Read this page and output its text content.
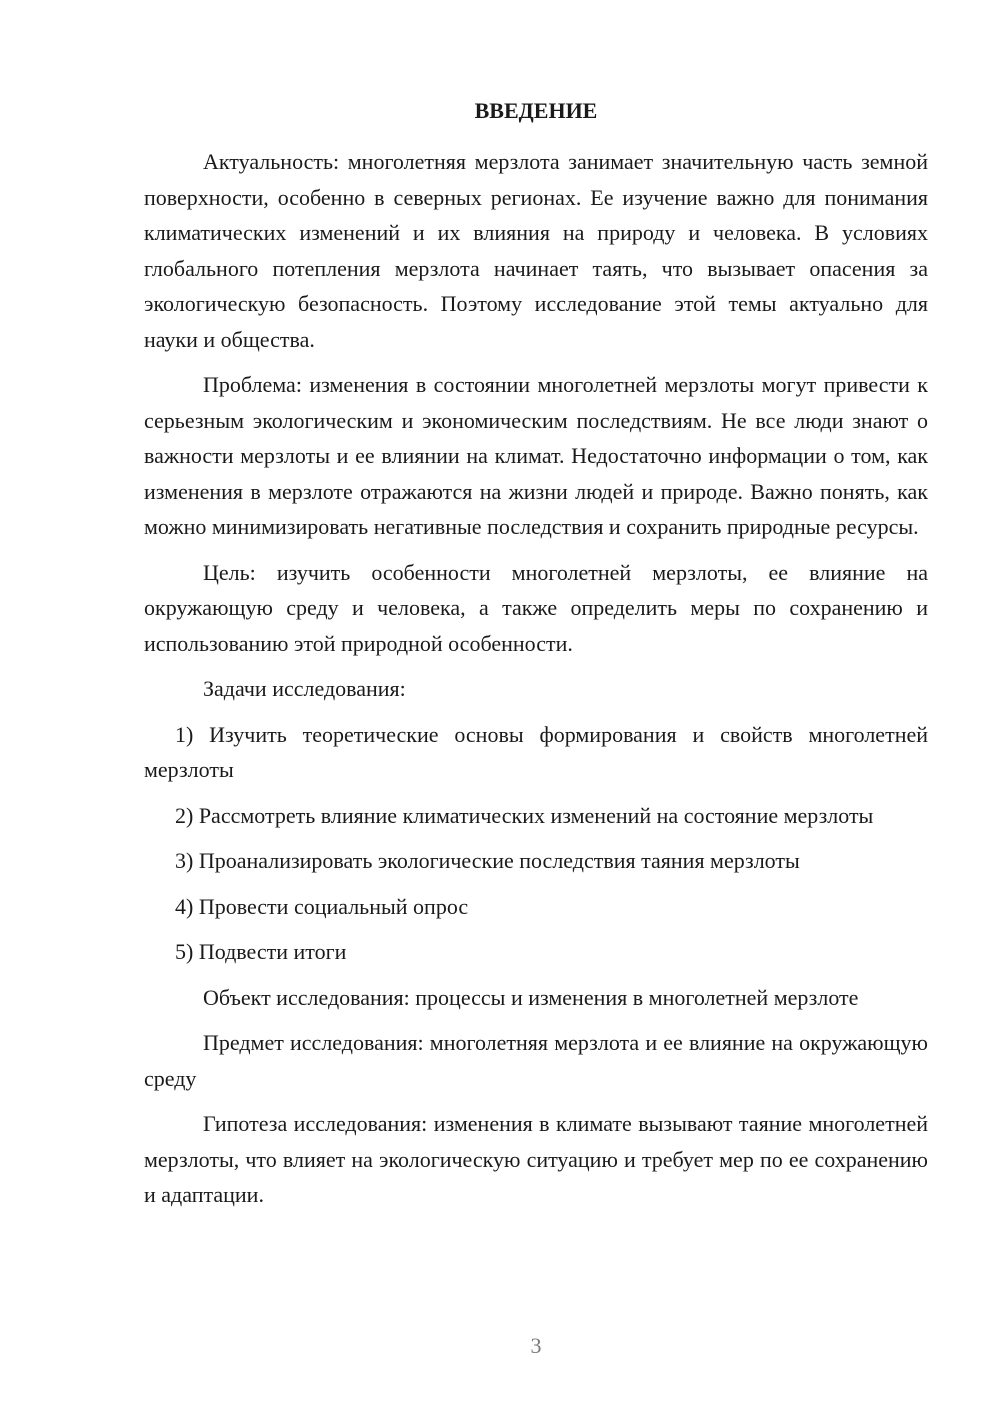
ВВЕДЕНИЕ

Актуальность: многолетняя мерзлота занимает значительную часть земной поверхности, особенно в северных регионах. Ее изучение важно для понимания климатических изменений и их влияния на природу и человека. В условиях глобального потепления мерзлота начинает таять, что вызывает опасения за экологическую безопасность. Поэтому исследование этой темы актуально для науки и общества.

Проблема: изменения в состоянии многолетней мерзлоты могут привести к серьезным экологическим и экономическим последствиям. Не все люди знают о важности мерзлоты и ее влиянии на климат. Недостаточно информации о том, как изменения в мерзлоте отражаются на жизни людей и природе. Важно понять, как можно минимизировать негативные последствия и сохранить природные ресурсы.

Цель: изучить особенности многолетней мерзлоты, ее влияние на окружающую среду и человека, а также определить меры по сохранению и использованию этой природной особенности.

Задачи исследования:

1) Изучить теоретические основы формирования и свойств многолетней мерзлоты

2) Рассмотреть влияние климатических изменений на состояние мерзлоты

3) Проанализировать экологические последствия таяния мерзлоты

4) Провести социальный опрос

5) Подвести итоги

Объект исследования: процессы и изменения в многолетней мерзлоте

Предмет исследования: многолетняя мерзлота и ее влияние на окружающую среду

Гипотеза исследования: изменения в климате вызывают таяние многолетней мерзлоты, что влияет на экологическую ситуацию и требует мер по ее сохранению и адаптации.

3
